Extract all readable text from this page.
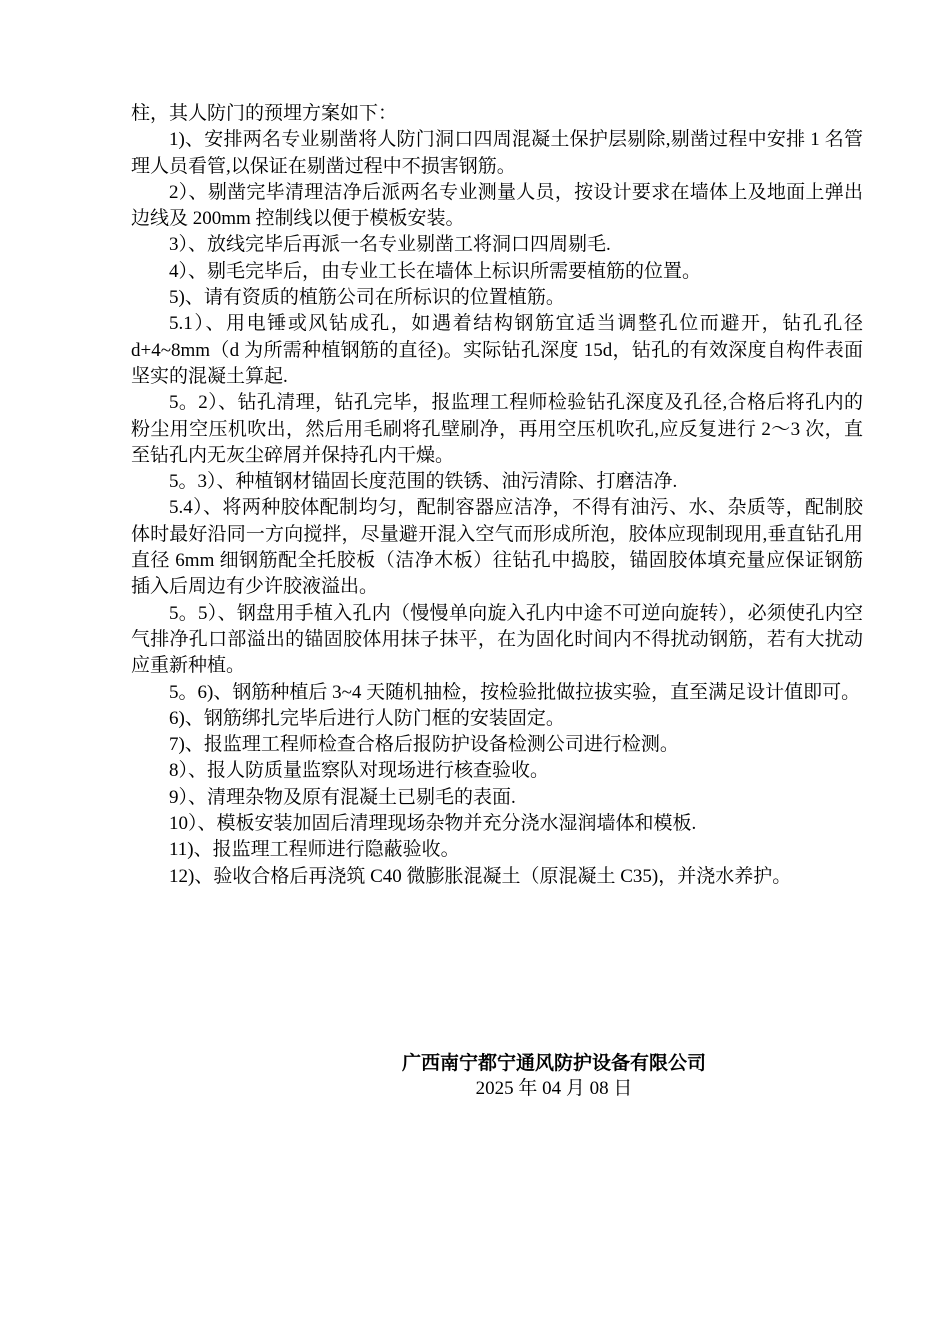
柱，其人防门的预埋方案如下：

1)、安排两名专业剔凿将人防门洞口四周混凝土保护层剔除,剔凿过程中安排 1 名管理人员看管,以保证在剔凿过程中不损害钢筋。

2）、剔凿完毕清理洁净后派两名专业测量人员，按设计要求在墙体上及地面上弹出边线及 200mm 控制线以便于模板安装。

3）、放线完毕后再派一名专业剔凿工将洞口四周剔毛.

4）、剔毛完毕后，由专业工长在墙体上标识所需要植筋的位置。

5)、请有资质的植筋公司在所标识的位置植筋。

5.1）、用电锤或风钻成孔，如遇着结构钢筋宜适当调整孔位而避开，钻孔孔径 d+4~8mm（d 为所需种植钢筋的直径)。实际钻孔深度 15d，钻孔的有效深度自构件表面坚实的混凝土算起.

5。2）、钻孔清理，钻孔完毕，报监理工程师检验钻孔深度及孔径,合格后将孔内的粉尘用空压机吹出，然后用毛刷将孔壁刷净，再用空压机吹孔,应反复进行 2～3 次，直至钻孔内无灰尘碎屑并保持孔内干燥。

5。3）、种植钢材锚固长度范围的铁锈、油污清除、打磨洁净.

5.4）、将两种胶体配制均匀，配制容器应洁净，不得有油污、水、杂质等，配制胶体时最好沿同一方向搅拌，尽量避开混入空气而形成所泡，胶体应现制现用,垂直钻孔用直径 6mm 细钢筋配全托胶板（洁净木板）往钻孔中捣胶，锚固胶体填充量应保证钢筋插入后周边有少许胶液溢出。

5。5）、钢盘用手植入孔内（慢慢单向旋入孔内中途不可逆向旋转），必须使孔内空气排净孔口部溢出的锚固胶体用抹子抹平，在为固化时间内不得扰动钢筋，若有大扰动应重新种植。

5。6)、钢筋种植后 3~4 天随机抽检，按检验批做拉拔实验，直至满足设计值即可。

6)、钢筋绑扎完毕后进行人防门框的安装固定。

7)、报监理工程师检查合格后报防护设备检测公司进行检测。

8）、报人防质量监察队对现场进行核查验收。

9）、清理杂物及原有混凝土已剔毛的表面.

10）、模板安装加固后清理现场杂物并充分浇水湿润墙体和模板.

11)、报监理工程师进行隐蔽验收。

12)、验收合格后再浇筑 C40 微膨胀混凝土（原混凝土 C35)，并浇水养护。

广西南宁都宁通风防护设备有限公司
2025 年 04 月 08 日
